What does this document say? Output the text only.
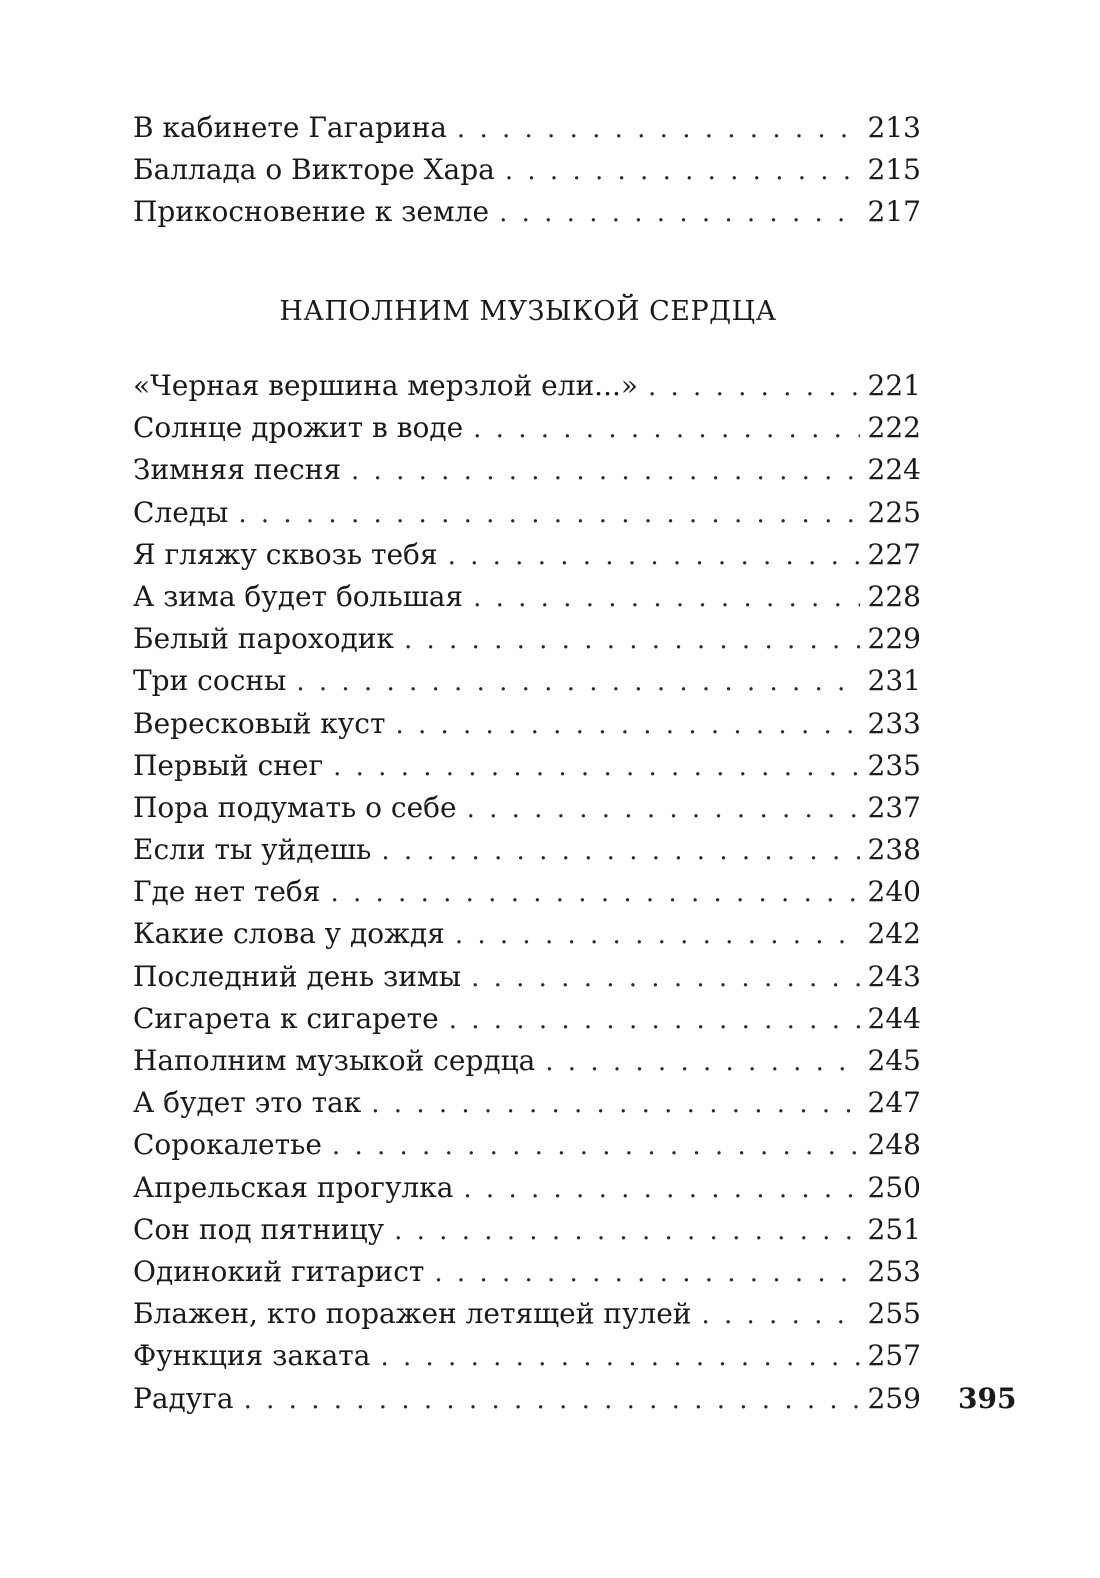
В кабинете Гагарина . . .	213
Баллада о Викторе Хара . . .	215
Прикосновение к земле . . .	217
НАПОЛНИМ МУЗЫКОЙ СЕРДЦА
«Черная вершина мерзлой ели...» . . .	221
Солнце дрожит в воде . . .	222
Зимняя песня . . .	224
Следы . . .	225
Я гляжу сквозь тебя . . .	227
А зима будет большая . . .	228
Белый пароходик . . .	229
Три сосны . . .	231
Вересковый куст . . .	233
Первый снег . . .	235
Пора подумать о себе . . .	237
Если ты уйдешь . . .	238
Где нет тебя . . .	240
Какие слова у дождя . . .	242
Последний день зимы . . .	243
Сигарета к сигарете . . .	244
Наполним музыкой сердца . . .	245
А будет это так . . .	247
Сорокалетье . . .	248
Апрельская прогулка . . .	250
Сон под пятницу . . .	251
Одинокий гитарист . . .	253
Блажен, кто поражен летящей пулей . . .	255
Функция заката . . .	257
Радуга . . .	259 395
